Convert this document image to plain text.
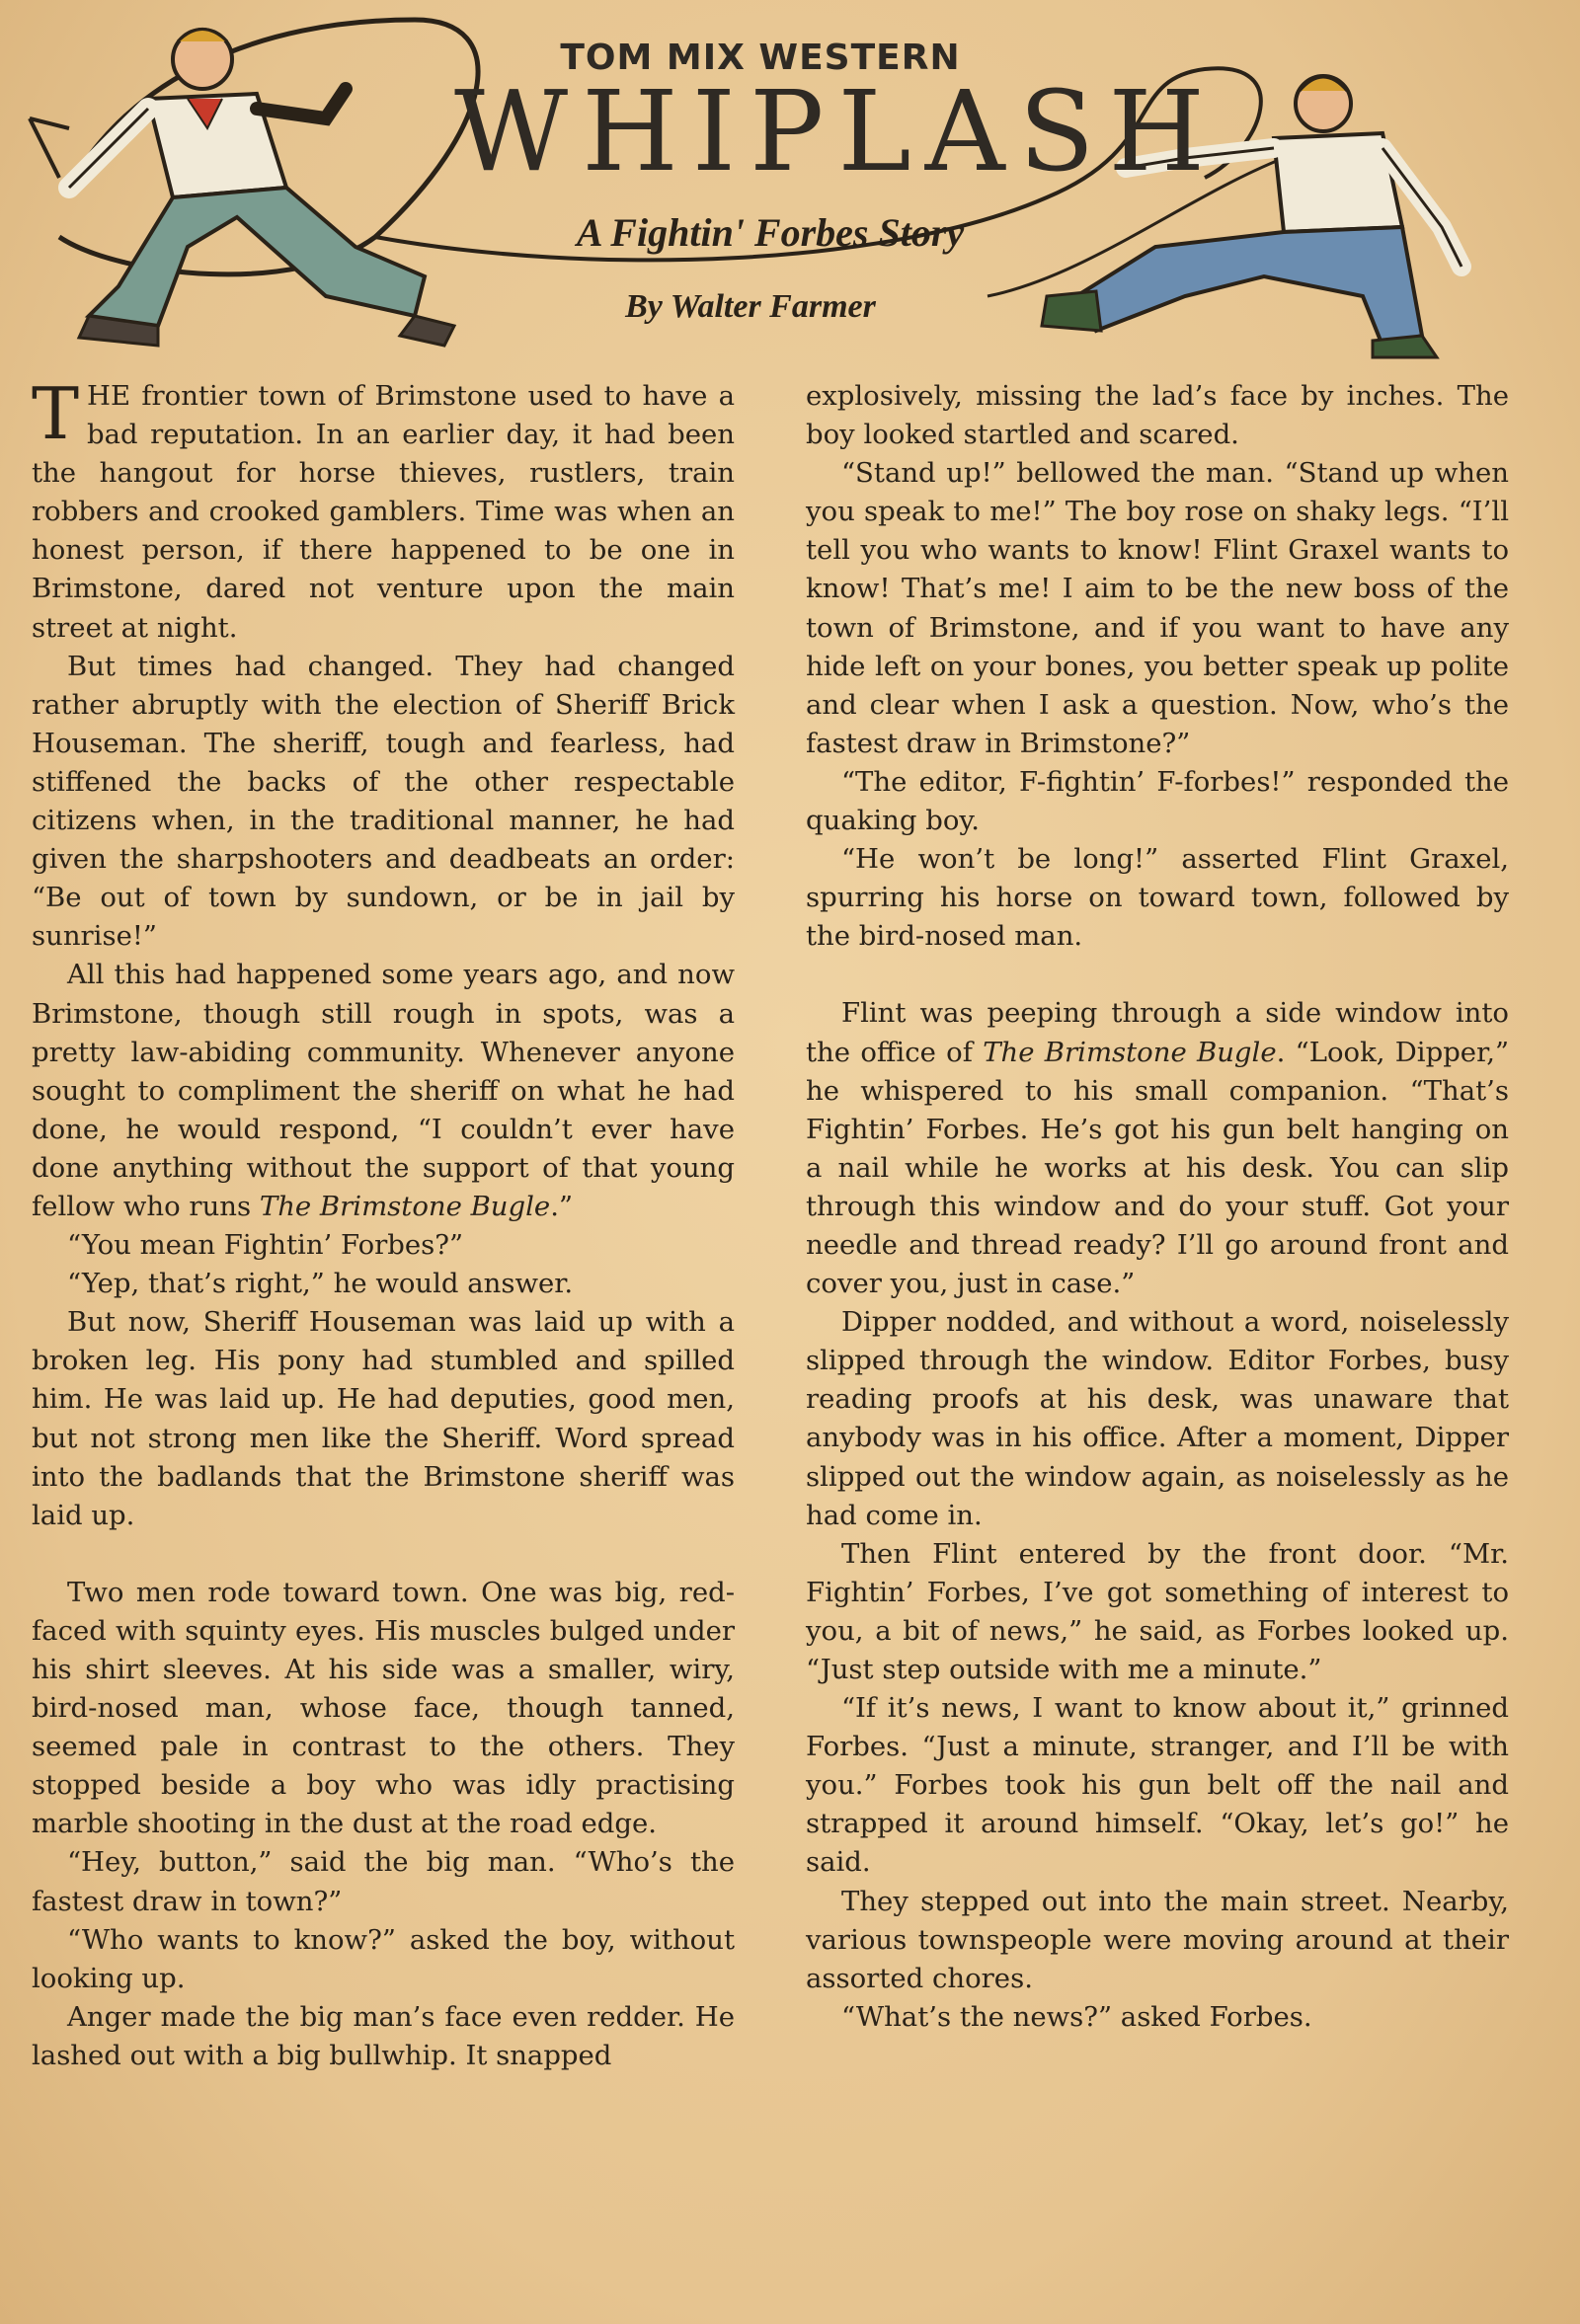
TOM MIX WESTERN
WHIPLASH
A Fightin' Forbes Story
By Walter Farmer

THE frontier town of Brimstone used to have a bad reputation. In an earlier day, it had been the hangout for horse thieves, rustlers, train robbers and crooked gamblers. Time was when an honest person, if there happened to be one in Brimstone, dared not venture upon the main street at night.

But times had changed. They had changed rather abruptly with the election of Sheriff Brick Houseman. The sheriff, tough and fearless, had stiffened the backs of the other respectable citizens when, in the traditional manner, he had given the sharpshooters and deadbeats an order: “Be out of town by sundown, or be in jail by sunrise!”

All this had happened some years ago, and now Brimstone, though still rough in spots, was a pretty law-abiding community. Whenever anyone sought to compliment the sheriff on what he had done, he would respond, “I couldn’t ever have done anything without the support of that young fellow who runs The Brimstone Bugle.”

“You mean Fightin’ Forbes?”

“Yep, that’s right,” he would answer.

But now, Sheriff Houseman was laid up with a broken leg. His pony had stumbled and spilled him. He was laid up. He had deputies, good men, but not strong men like the Sheriff. Word spread into the badlands that the Brimstone sheriff was laid up.

Two men rode toward town. One was big, red-faced with squinty eyes. His muscles bulged under his shirt sleeves. At his side was a smaller, wiry, bird-nosed man, whose face, though tanned, seemed pale in contrast to the others. They stopped beside a boy who was idly practising marble shooting in the dust at the road edge.

“Hey, button,” said the big man. “Who’s the fastest draw in town?”

“Who wants to know?” asked the boy, without looking up.

Anger made the big man’s face even redder. He lashed out with a big bullwhip. It snapped

explosively, missing the lad’s face by inches. The boy looked startled and scared.

“Stand up!” bellowed the man. “Stand up when you speak to me!” The boy rose on shaky legs. “I’ll tell you who wants to know! Flint Graxel wants to know! That’s me! I aim to be the new boss of the town of Brimstone, and if you want to have any hide left on your bones, you better speak up polite and clear when I ask a question. Now, who’s the fastest draw in Brimstone?”

“The editor, F-fightin’ F-forbes!” responded the quaking boy.

“He won’t be long!” asserted Flint Graxel, spurring his horse on toward town, followed by the bird-nosed man.

Flint was peeping through a side window into the office of The Brimstone Bugle. “Look, Dipper,” he whispered to his small companion. “That’s Fightin’ Forbes. He’s got his gun belt hanging on a nail while he works at his desk. You can slip through this window and do your stuff. Got your needle and thread ready? I’ll go around front and cover you, just in case.”

Dipper nodded, and without a word, noiselessly slipped through the window. Editor Forbes, busy reading proofs at his desk, was unaware that anybody was in his office. After a moment, Dipper slipped out the window again, as noiselessly as he had come in.

Then Flint entered by the front door. “Mr. Fightin’ Forbes, I’ve got something of interest to you, a bit of news,” he said, as Forbes looked up. “Just step outside with me a minute.”

“If it’s news, I want to know about it,” grinned Forbes. “Just a minute, stranger, and I’ll be with you.” Forbes took his gun belt off the nail and strapped it around himself. “Okay, let’s go!” he said.

They stepped out into the main street. Nearby, various townspeople were moving around at their assorted chores.

“What’s the news?” asked Forbes.
